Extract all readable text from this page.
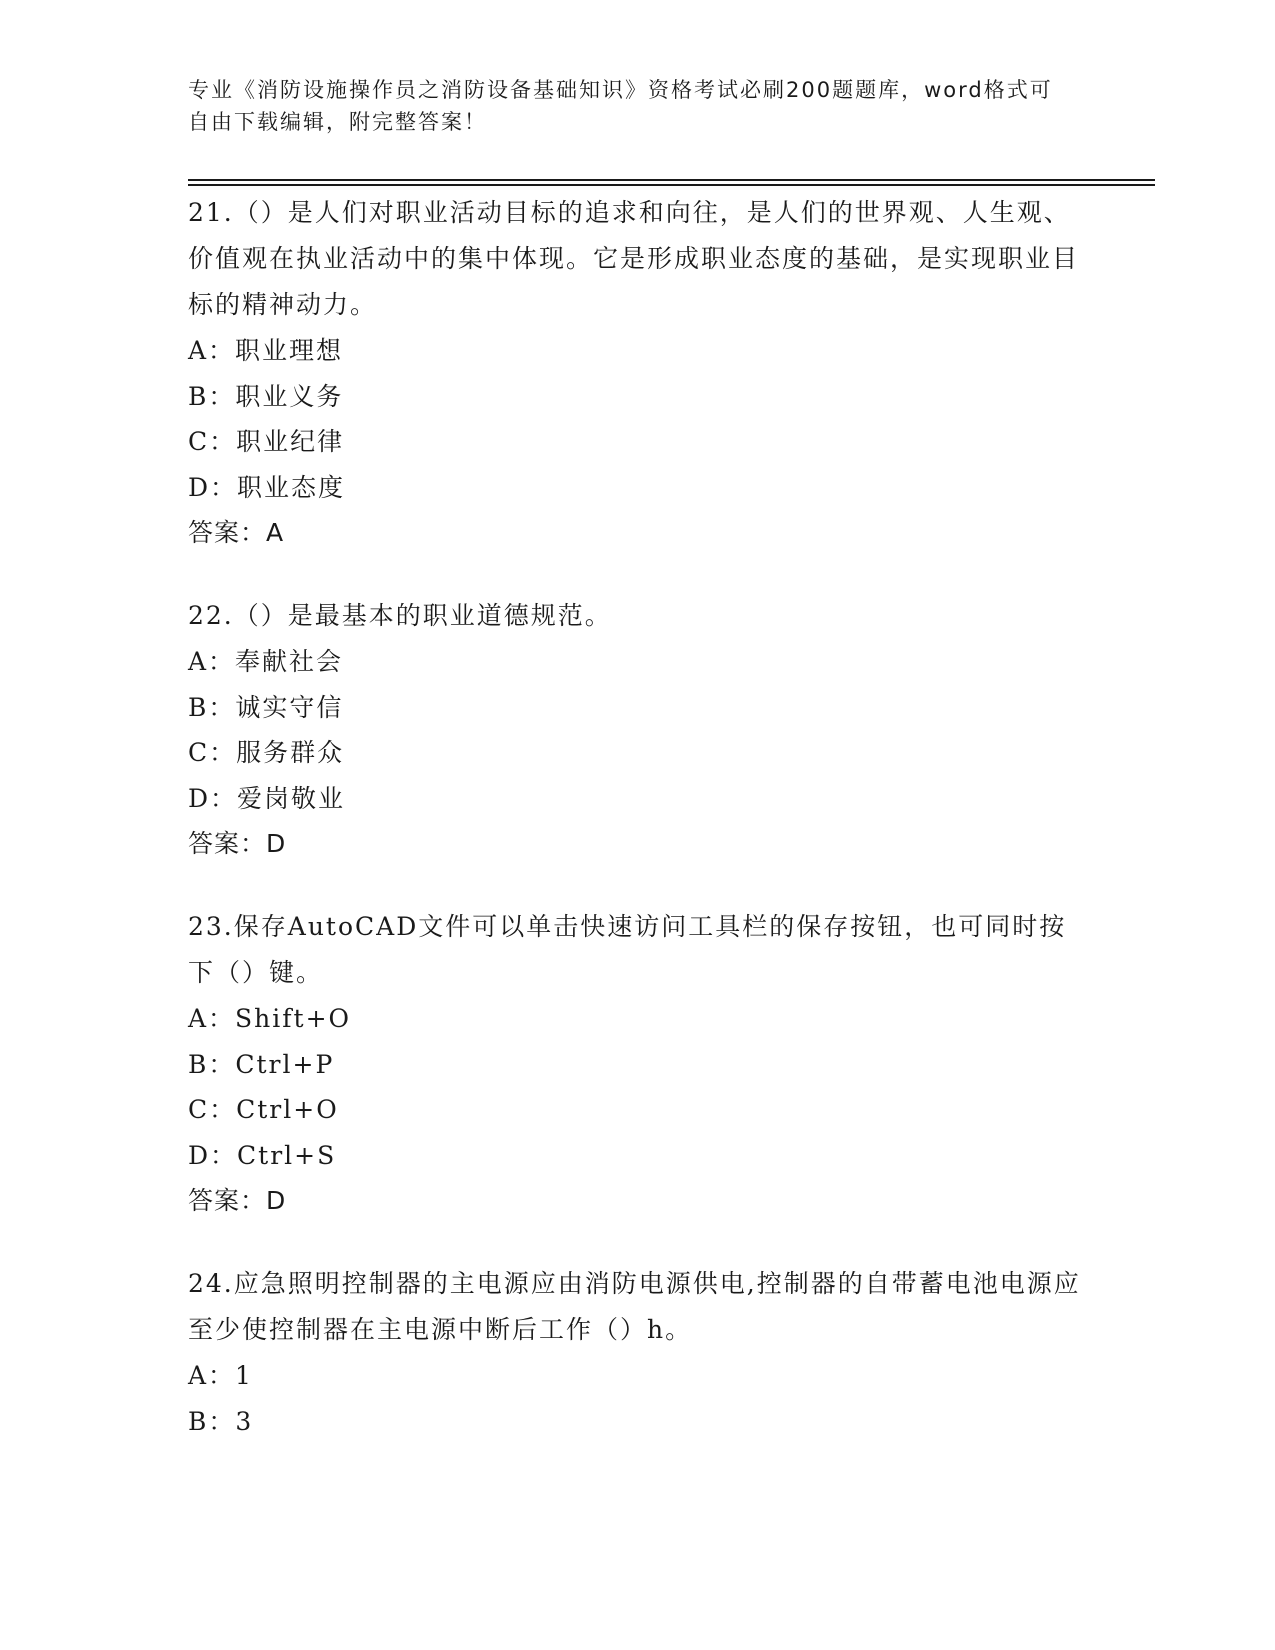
专业《消防设施操作员之消防设备基础知识》资格考试必刷200题题库，word格式可自由下载编辑，附完整答案！
21.（）是人们对职业活动目标的追求和向往，是人们的世界观、人生观、价值观在执业活动中的集中体现。它是形成职业态度的基础，是实现职业目标的精神动力。
A：职业理想
B：职业义务
C：职业纪律
D：职业态度
答案：A
22.（）是最基本的职业道德规范。
A：奉献社会
B：诚实守信
C：服务群众
D：爱岗敬业
答案：D
23.保存AutoCAD文件可以单击快速访问工具栏的保存按钮，也可同时按下（）键。
A：Shift+O
B：Ctrl+P
C：Ctrl+O
D：Ctrl+S
答案：D
24.应急照明控制器的主电源应由消防电源供电,控制器的自带蓄电池电源应至少使控制器在主电源中断后工作（）h。
A：1
B：3
